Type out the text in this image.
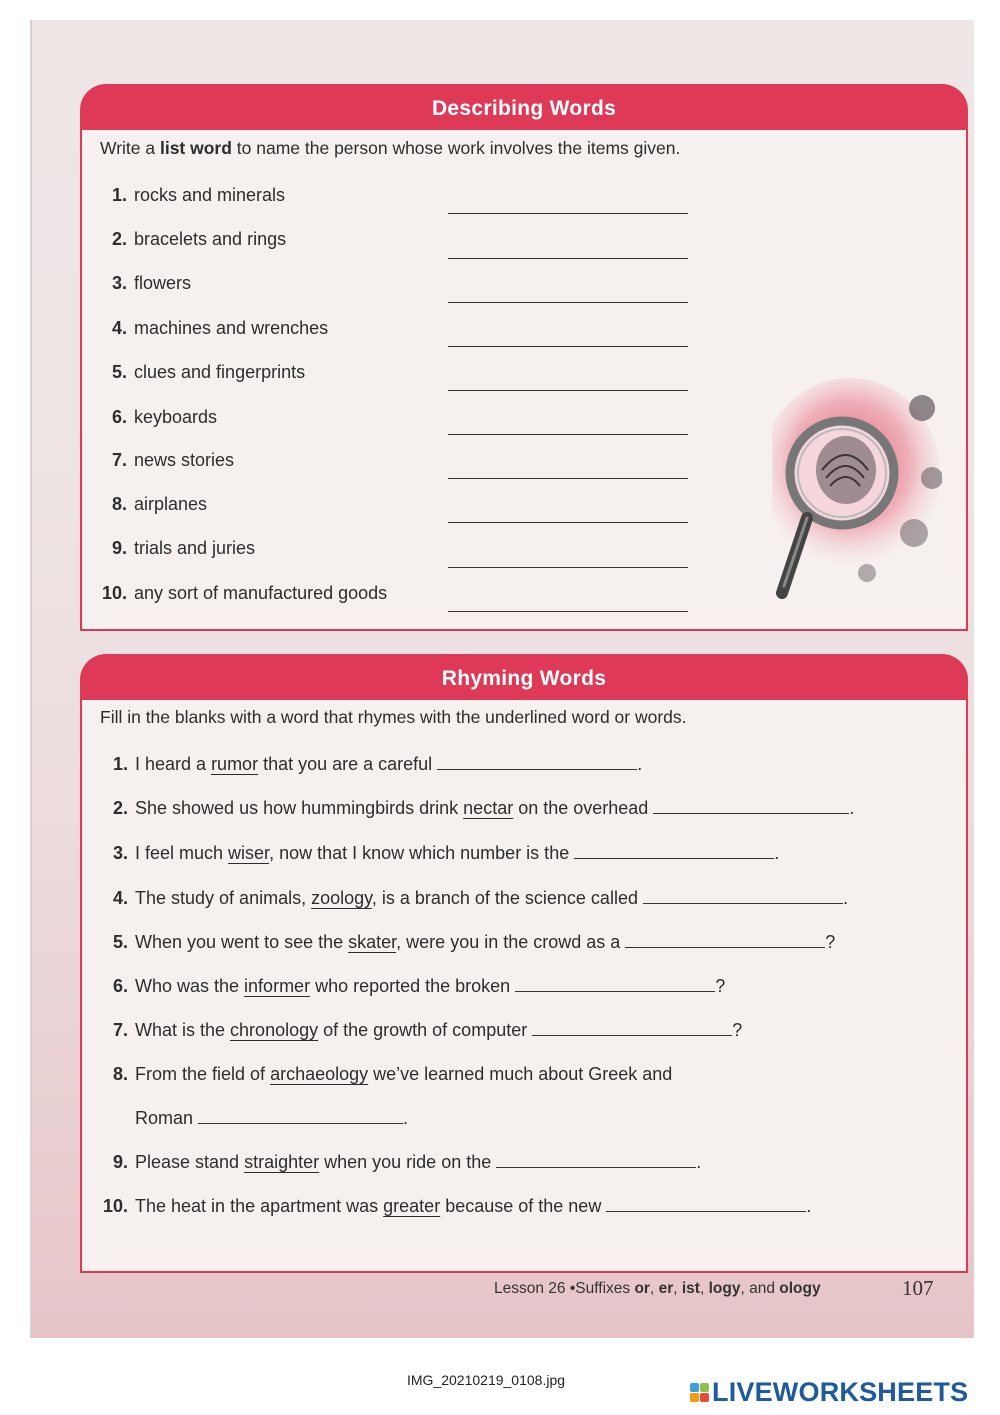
Describing Words
Write a list word to name the person whose work involves the items given.
1. rocks and minerals
2. bracelets and rings
3. flowers
4. machines and wrenches
5. clues and fingerprints
6. keyboards
7. news stories
8. airplanes
9. trials and juries
10. any sort of manufactured goods
Rhyming Words
Fill in the blanks with a word that rhymes with the underlined word or words.
1. I heard a rumor that you are a careful	.
2. She showed us how hummingbirds drink nectar on the overhead	.
3. I feel much wiser, now that I know which number is the	.
4. The study of animals, zoology, is a branch of the science called	.
5. When you went to see the skater, were you in the crowd as a	?
6. Who was the informer who reported the broken	?
7. What is the chronology of the growth of computer	?
8. From the field of archaeology we’ve learned much about Greek and
Roman	.
9. Please stand straighter when you ride on the	.
10. The heat in the apartment was greater because of the new	.
Lesson 26 •Suffixes or, er, ist, logy, and ology	107
IMG_20210219_0108.jpg	LIVEWORKSHEETS
